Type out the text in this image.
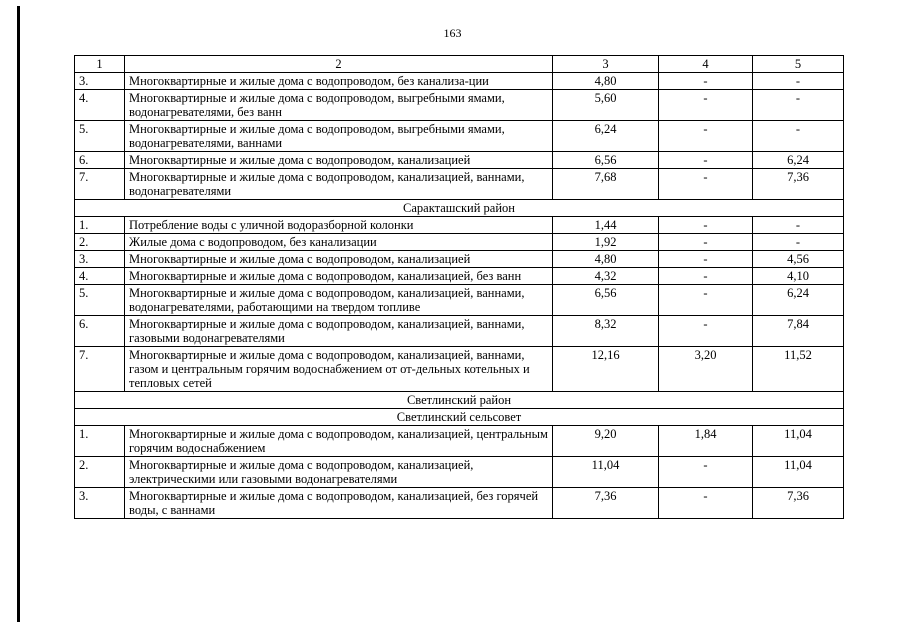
163
1	2	3	4	5
3.	Многоквартирные и жилые дома с водопроводом, без канализа-ции	4,80	-	-
4.	Многоквартирные и жилые дома с водопроводом, выгребными ямами, водонагревателями, без ванн	5,60	-	-
5.	Многоквартирные и жилые дома с водопроводом, выгребными ямами, водонагревателями, ваннами	6,24	-	-
6.	Многоквартирные и жилые дома с водопроводом, канализацией	6,56	-	6,24
7.	Многоквартирные и жилые дома с водопроводом, канализацией, ваннами, водонагревателями	7,68	-	7,36
Саракташский район				
1.	Потребление воды с уличной водоразборной колонки	1,44	-	-
2.	Жилые дома с водопроводом, без канализации	1,92	-	-
3.	Многоквартирные и жилые дома с водопроводом, канализацией	4,80	-	4,56
4.	Многоквартирные и жилые дома с водопроводом, канализацией, без ванн	4,32	-	4,10
5.	Многоквартирные и жилые дома с водопроводом, канализацией, ваннами, водонагревателями, работающими на твердом топливе	6,56	-	6,24
6.	Многоквартирные и жилые дома с водопроводом, канализацией, ваннами, газовыми водонагревателями	8,32	-	7,84
7.	Многоквартирные и жилые дома с водопроводом, канализацией, ваннами, газом и центральным горячим водоснабжением от от-дельных котельных и тепловых сетей	12,16	3,20	11,52
Светлинский район				
Светлинский сельсовет				
1.	Многоквартирные и жилые дома с водопроводом, канализацией, центральным горячим водоснабжением	9,20	1,84	11,04
2.	Многоквартирные и жилые дома с водопроводом, канализацией, электрическими или газовыми водонагревателями	11,04	-	11,04
3.	Многоквартирные и жилые дома с водопроводом, канализацией, без горячей воды, с ваннами	7,36	-	7,36
